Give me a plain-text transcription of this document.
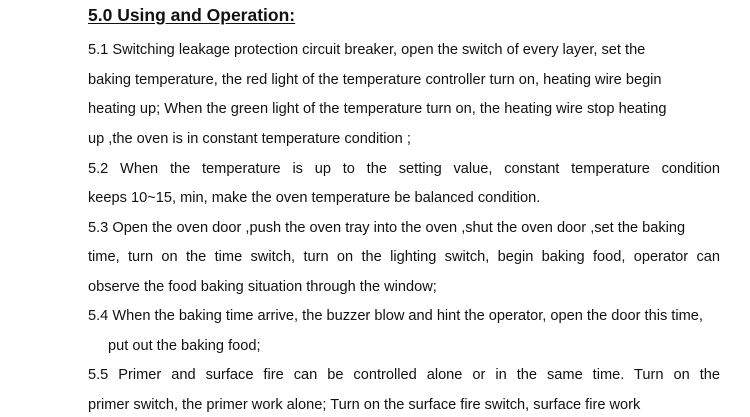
5.0 Using and Operation:
5.1 Switching leakage protection circuit breaker, open the switch of every layer, set the
baking temperature, the red light of the temperature controller turn on, heating wire begin
heating up; When the green light of the temperature turn on, the heating wire stop heating
up ,the oven is in constant temperature condition ;
5.2 When the temperature is up to the setting value, constant temperature condition
keeps 10~15, min, make the oven temperature be balanced condition.
5.3 Open the oven door ,push the oven tray into the oven ,shut the oven door ,set the baking
time, turn on the time switch, turn on the lighting switch, begin baking food, operator can
observe the food baking situation through the window;
5.4 When the baking time arrive, the buzzer blow and hint the operator, open the door this time,
put out the baking food;
5.5 Primer and surface fire can be controlled alone or in the same time. Turn on the
primer switch, the primer work alone; Turn on the surface fire switch, surface fire work
